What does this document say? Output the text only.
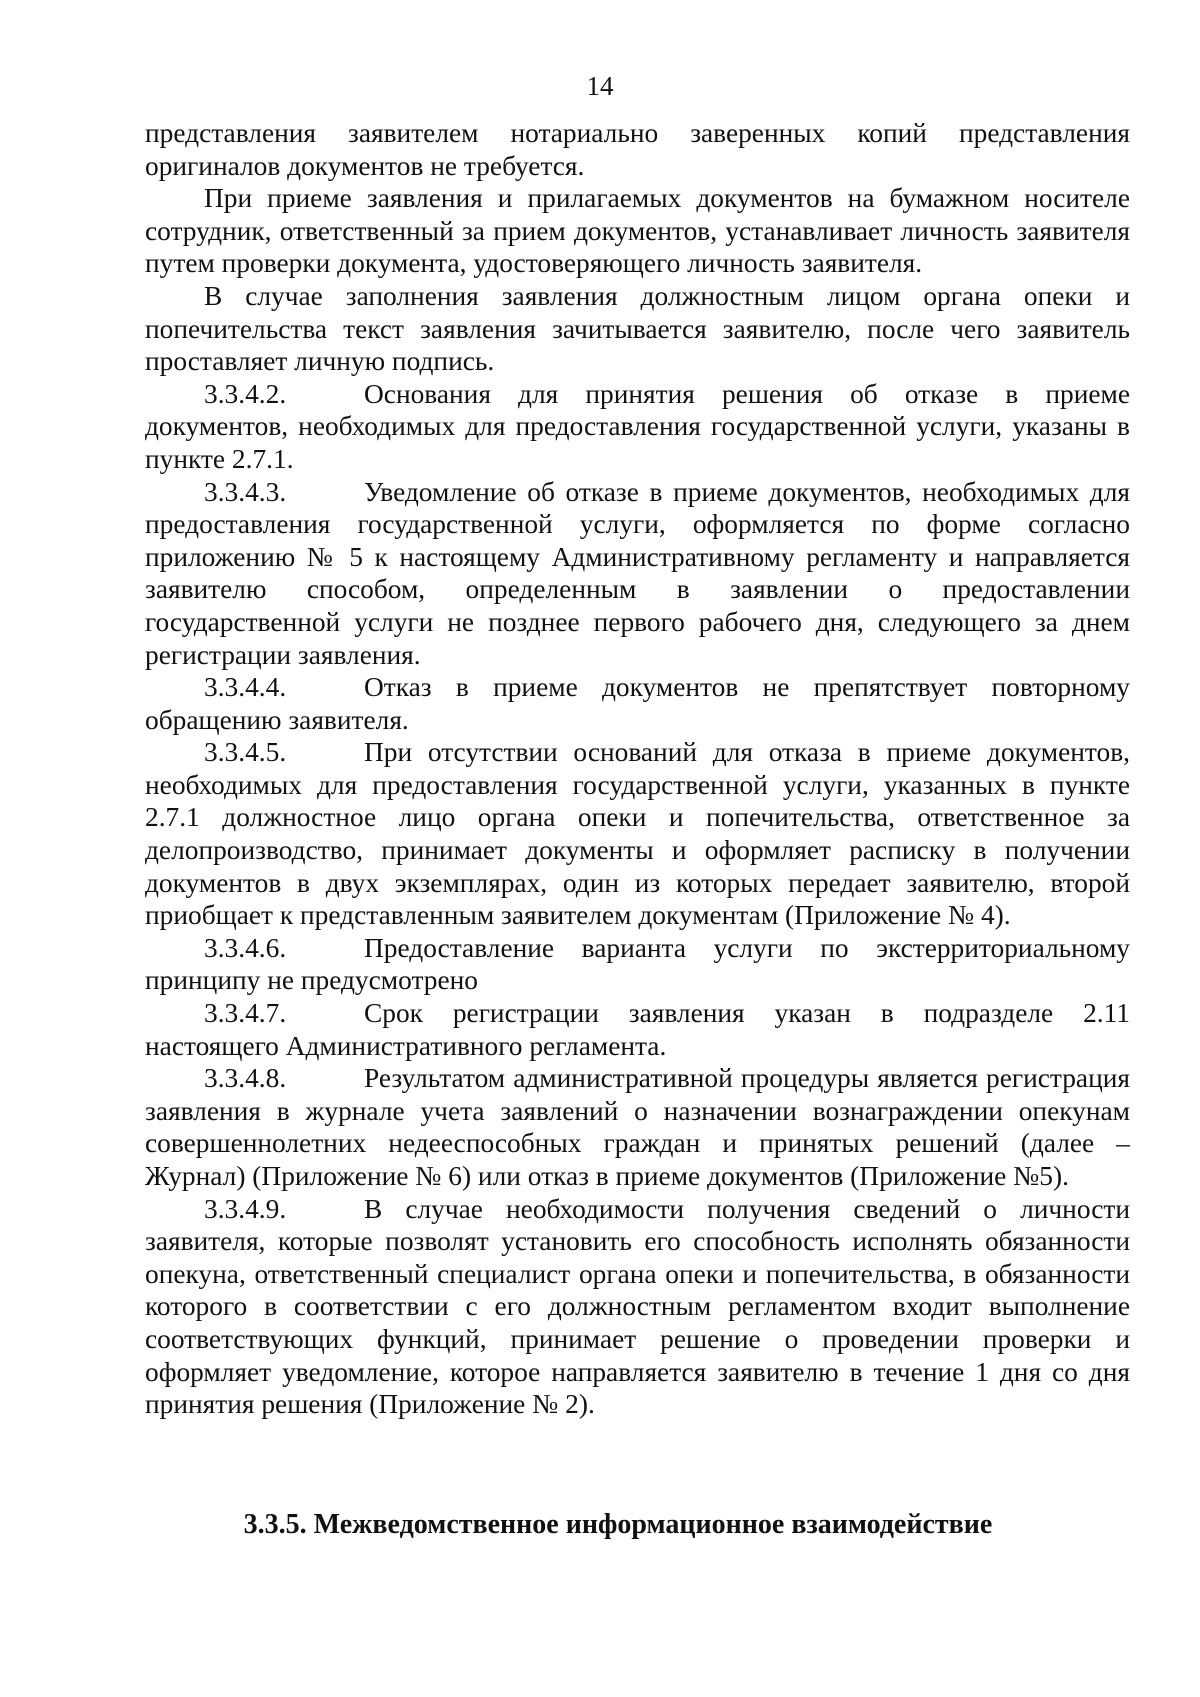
14

представления заявителем нотариально заверенных копий представления оригиналов документов не требуется.

При приеме заявления и прилагаемых документов на бумажном носителе сотрудник, ответственный за прием документов, устанавливает личность заявителя путем проверки документа, удостоверяющего личность заявителя.

В случае заполнения заявления должностным лицом органа опеки и попечительства текст заявления зачитывается заявителю, после чего заявитель проставляет личную подпись.

3.3.4.2.	Основания для принятия решения об отказе в приеме документов, необходимых для предоставления государственной услуги, указаны в пункте 2.7.1.

3.3.4.3.	Уведомление об отказе в приеме документов, необходимых для предоставления государственной услуги, оформляется по форме согласно приложению № 5 к настоящему Административному регламенту и направляется заявителю способом, определенным в заявлении о предоставлении государственной услуги не позднее первого рабочего дня, следующего за днем регистрации заявления.

3.3.4.4.	Отказ в приеме документов не препятствует повторному обращению заявителя.

3.3.4.5.	При отсутствии оснований для отказа в приеме документов, необходимых для предоставления государственной услуги, указанных в пункте 2.7.1 должностное лицо органа опеки и попечительства, ответственное за делопроизводство, принимает документы и оформляет расписку в получении документов в двух экземплярах, один из которых передает заявителю, второй приобщает к представленным заявителем документам (Приложение № 4).

3.3.4.6.	Предоставление варианта услуги по экстерриториальному принципу не предусмотрено

3.3.4.7.	Срок регистрации заявления указан в подразделе 2.11 настоящего Административного регламента.

3.3.4.8.	Результатом административной процедуры является регистрация заявления в журнале учета заявлений о назначении вознаграждении опекунам совершеннолетних недееспособных граждан и принятых решений (далее – Журнал) (Приложение № 6) или отказ в приеме документов (Приложение №5).

3.3.4.9.	В случае необходимости получения сведений о личности заявителя, которые позволят установить его способность исполнять обязанности опекуна, ответственный специалист органа опеки и попечительства, в обязанности которого в соответствии с его должностным регламентом входит выполнение соответствующих функций, принимает решение о проведении проверки и оформляет уведомление, которое направляется заявителю в течение 1 дня со дня принятия решения (Приложение № 2).

3.3.5. Межведомственное информационное взаимодействие
